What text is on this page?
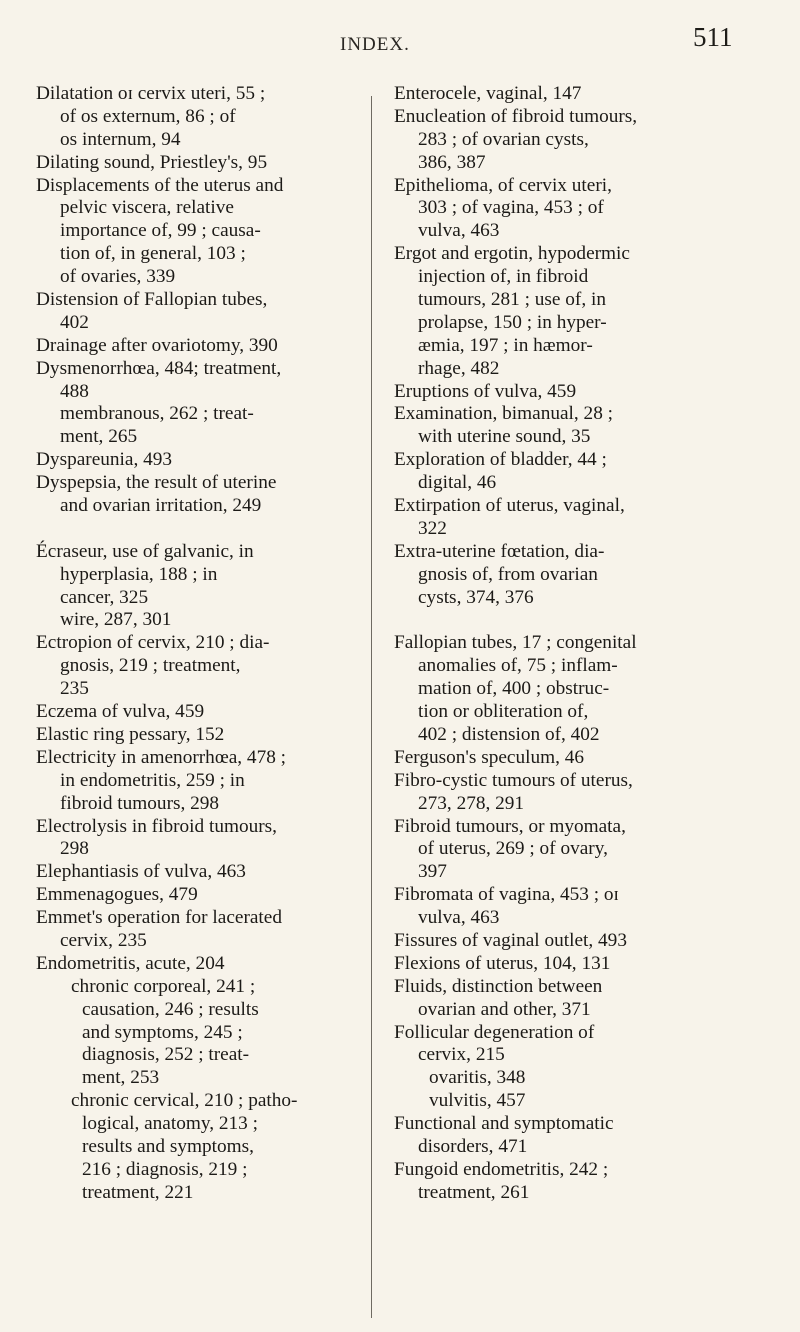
INDEX.	511
Dilatation oɪ cervix uteri, 55 ;
of os externum, 86 ; of
os internum, 94
Dilating sound, Priestley's, 95
Displacements of the uterus and
pelvic viscera, relative
importance of, 99 ; causa-
tion of, in general, 103 ;
of ovaries, 339
Distension of Fallopian tubes,
402
Drainage after ovariotomy, 390
Dysmenorrhœa, 484; treatment,
488
membranous, 262 ; treat-
ment, 265
Dyspareunia, 493
Dyspepsia, the result of uterine
and ovarian irritation, 249
Écraseur, use of galvanic, in
hyperplasia, 188 ; in
cancer, 325
wire, 287, 301
Ectropion of cervix, 210 ; dia-
gnosis, 219 ; treatment,
235
Eczema of vulva, 459
Elastic ring pessary, 152
Electricity in amenorrhœa, 478 ;
in endometritis, 259 ; in
fibroid tumours, 298
Electrolysis in fibroid tumours,
298
Elephantiasis of vulva, 463
Emmenagogues, 479
Emmet's operation for lacerated
cervix, 235
Endometritis, acute, 204
chronic corporeal, 241 ;
causation, 246 ; results
and symptoms, 245 ;
diagnosis, 252 ; treat-
ment, 253
chronic cervical, 210 ; patho-
logical, anatomy, 213 ;
results and symptoms,
216 ; diagnosis, 219 ;
treatment, 221
Enterocele, vaginal, 147
Enucleation of fibroid tumours,
283 ; of ovarian cysts,
386, 387
Epithelioma, of cervix uteri,
303 ; of vagina, 453 ; of
vulva, 463
Ergot and ergotin, hypodermic
injection of, in fibroid
tumours, 281 ; use of, in
prolapse, 150 ; in hyper-
æmia, 197 ; in hæmor-
rhage, 482
Eruptions of vulva, 459
Examination, bimanual, 28 ;
with uterine sound, 35
Exploration of bladder, 44 ;
digital, 46
Extirpation of uterus, vaginal,
322
Extra-uterine fœtation, dia-
gnosis of, from ovarian
cysts, 374, 376
Fallopian tubes, 17 ; congenital
anomalies of, 75 ; inflam-
mation of, 400 ; obstruc-
tion or obliteration of,
402 ; distension of, 402
Ferguson's speculum, 46
Fibro-cystic tumours of uterus,
273, 278, 291
Fibroid tumours, or myomata,
of uterus, 269 ; of ovary,
397
Fibromata of vagina, 453 ; oɪ
vulva, 463
Fissures of vaginal outlet, 493
Flexions of uterus, 104, 131
Fluids, distinction between
ovarian and other, 371
Follicular degeneration of
cervix, 215
ovaritis, 348
vulvitis, 457
Functional and symptomatic
disorders, 471
Fungoid endometritis, 242 ;
treatment, 261
